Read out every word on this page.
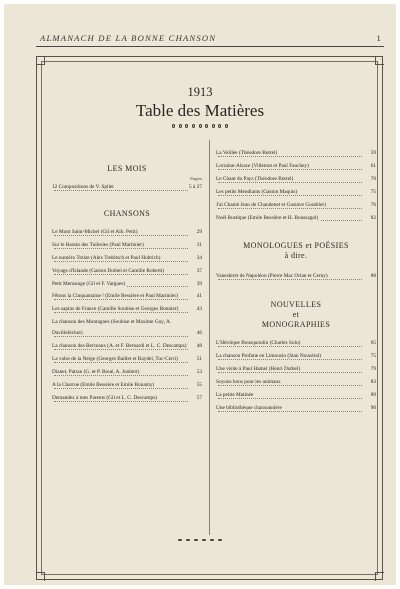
ALMANACH DE LA BONNE CHANSON	1
1913
Table des Matières

LES MOIS

Pages

12 Compositions de V. Spilet	5 à 27

CHANSONS

Le Mont Saint-Michel (Gil et Alb. Petit)	29
Sur le Bassin des Tuileries (Paul Martinier)	31
Le numéro Treize (Alex Trebitsch et Paul Hubrich)	34
Voyage d'Islande (Gaston Dothel et Camille Roberti)	37
Petit Mensonge (Gil et F. Vargues)	39
Fêtons la Cinquantaine ! (Emile Bessière et Paul Martinier)	41
Les sapins de France (Camille Soubise et Georges Bonnier)	43
La chanson des Montagnes (Soubise et Maxime Guy, A. Davillebichot)	46
La chanson des Berceaux (A. et F. Bernardi et L. C. Descamps) 48
La valse de la Neige (Georges Baillet et Raydel, Tuc-Cerri)	51
Dianet, Patran (G. et P. Boué, A. Joubert)	53
A la Charrue (Emile Bessière et Emile Bonamy)	55
Demandez à mes Parents (Gil et L. C. Descamps)	57
La Veillée (Théodore Botrel)	59
Lorraine-Alsace (Villemot et Paul Fauchey)	61
Le Chant du Pays (Théodore Botrel)	70
Les petits Mendiants (Gaston Maquis)	75
J'ai Chanté Jean de Chandenet et Gustave Goublier)	76
Noël Rustique (Emile Bessière et H. Boussagol)	82

MONOLOGUES et POÉSIES

à dire.

Vanesbrett de Napoléon (Pierre Mac Orlan et Cerny)	88

NOUVELLES

et

MONOGRAPHIES

L'Héroïque Bousquoulin (Charles Solo)	65
La chanson Profane en Limousin (Stan Nouzéral)	75
Une visite à Paul Hamel (Henri Dothel)	79
Soyons bons pour les animaux	83
La petite Matinée	89
Une bibliothèque chansonnière	90
